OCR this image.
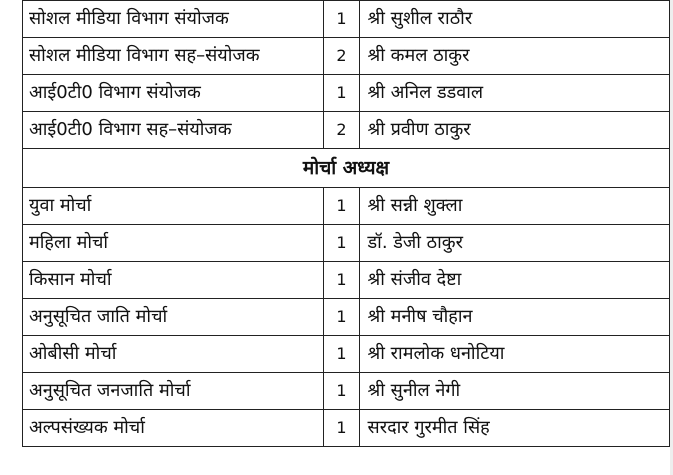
सोशल मीडिया विभाग संयोजक	1	श्री सुशील राठौर
सोशल मीडिया विभाग सह–संयोजक	2	श्री कमल ठाकुर
आई0टी0 विभाग संयोजक	1	श्री अनिल डडवाल
आई0टी0 विभाग सह–संयोजक	2	श्री प्रवीण ठाकुर
मोर्चा अध्यक्ष		
युवा मोर्चा	1	श्री सन्नी शुक्ला
महिला मोर्चा	1	डॉ. डेजी ठाकुर
किसान मोर्चा	1	श्री संजीव देष्टा
अनुसूचित जाति मोर्चा	1	श्री मनीष चौहान
ओबीसी मोर्चा	1	श्री रामलोक धनोटिया
अनुसूचित जनजाति मोर्चा	1	श्री सुनील नेगी
अल्पसंख्यक मोर्चा	1	सरदार गुरमीत सिंह
